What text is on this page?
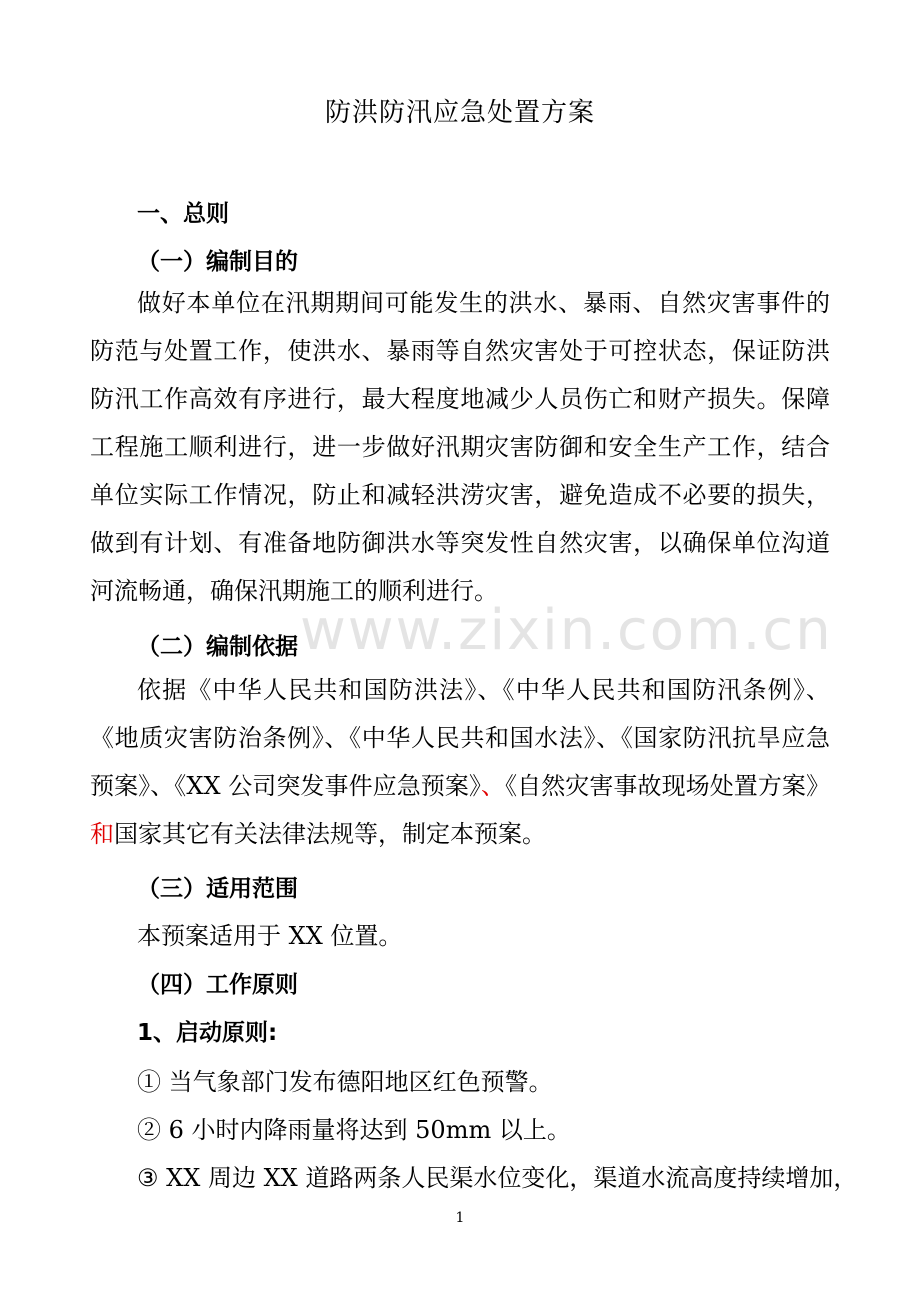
www.zixin.com.cn
防洪防汛应急处置方案
一、总则
（一）编制目的
做好本单位在汛期期间可能发生的洪水、暴雨、自然灾害事件的
防范与处置工作，使洪水、暴雨等自然灾害处于可控状态，保证防洪
防汛工作高效有序进行，最大程度地减少人员伤亡和财产损失。保障
工程施工顺利进行，进一步做好汛期灾害防御和安全生产工作，结合
单位实际工作情况，防止和减轻洪涝灾害，避免造成不必要的损失，
做到有计划、有准备地防御洪水等突发性自然灾害，以确保单位沟道
河流畅通，确保汛期施工的顺利进行。
（二）编制依据
依据《中华人民共和国防洪法》、《中华人民共和国防汛条例》、
《地质灾害防治条例》、《中华人民共和国水法》、《国家防汛抗旱应急
预案》、《XX 公司突发事件应急预案》、《自然灾害事故现场处置方案》
和国家其它有关法律法规等，制定本预案。
（三）适用范围
本预案适用于 XX 位置。
（四）工作原则
1、启动原则:
① 当气象部门发布德阳地区红色预警。
② 6 小时内降雨量将达到 50mm 以上。
③ XX 周边 XX 道路两条人民渠水位变化，渠道水流高度持续增加，
1
